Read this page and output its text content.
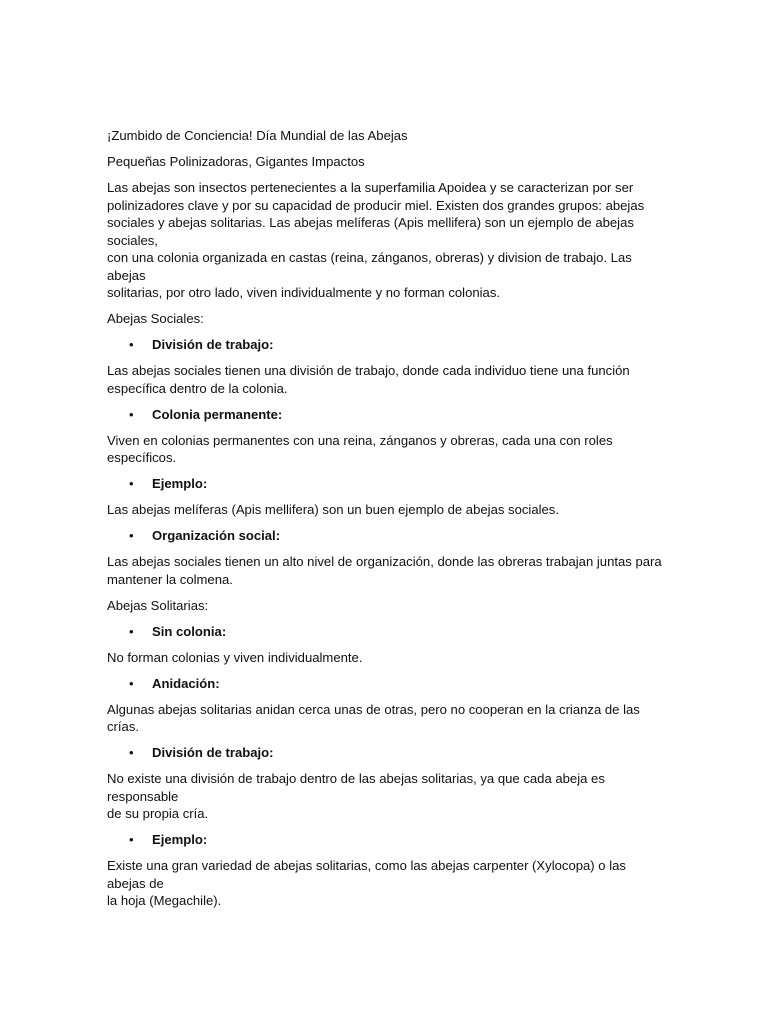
¡Zumbido de Conciencia! Día Mundial de las Abejas

Pequeñas Polinizadoras, Gigantes Impactos

Las abejas son insectos pertenecientes a la superfamilia Apoidea y se caracterizan por ser
polinizadores clave y por su capacidad de producir miel. Existen dos grandes grupos: abejas
sociales y abejas solitarias. Las abejas melíferas (Apis mellifera) son un ejemplo de abejas sociales,
con una colonia organizada en castas (reina, zánganos, obreras) y division de trabajo. Las abejas
solitarias, por otro lado, viven individualmente y no forman colonias.

Abejas Sociales:

• División de trabajo:

Las abejas sociales tienen una división de trabajo, donde cada individuo tiene una función
específica dentro de la colonia.

• Colonia permanente:

Viven en colonias permanentes con una reina, zánganos y obreras, cada una con roles específicos.

• Ejemplo:

Las abejas melíferas (Apis mellifera) son un buen ejemplo de abejas sociales.

• Organización social:

Las abejas sociales tienen un alto nivel de organización, donde las obreras trabajan juntas para
mantener la colmena.

Abejas Solitarias:

• Sin colonia:

No forman colonias y viven individualmente.

• Anidación:

Algunas abejas solitarias anidan cerca unas de otras, pero no cooperan en la crianza de las crías.

• División de trabajo:

No existe una división de trabajo dentro de las abejas solitarias, ya que cada abeja es responsable
de su propia cría.

• Ejemplo:

Existe una gran variedad de abejas solitarias, como las abejas carpenter (Xylocopa) o las abejas de
la hoja (Megachile).
